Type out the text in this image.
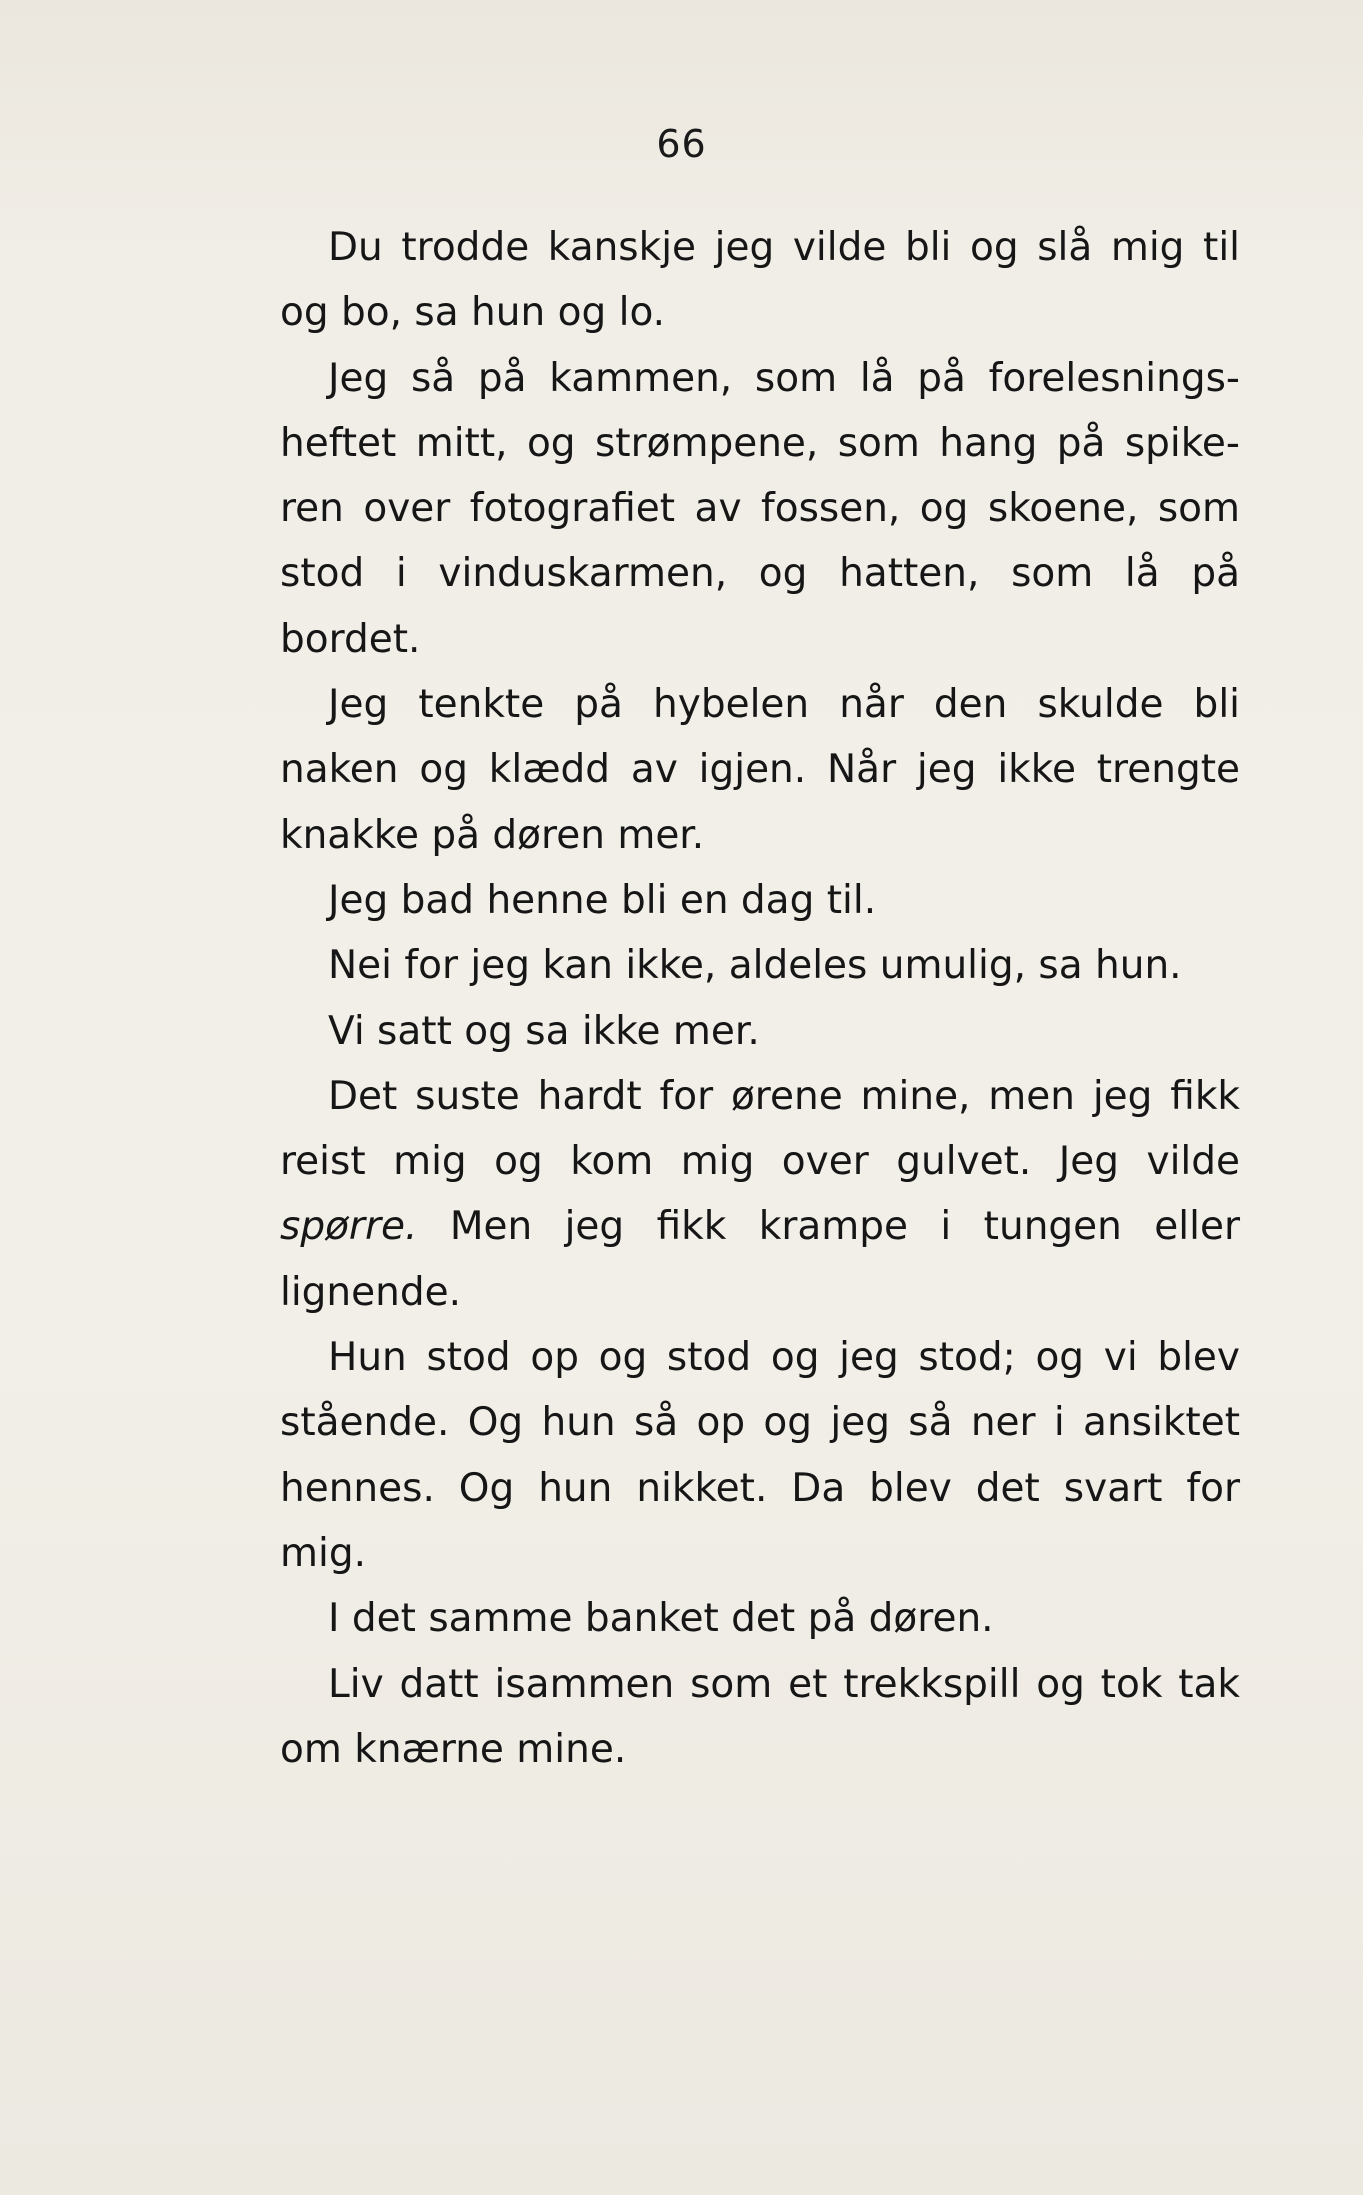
66

Du trodde kanskje jeg vilde bli og slå mig til og bo, sa hun og lo.

Jeg så på kammen, som lå på forelesningsheftet mitt, og strømpene, som hang på spikeren over fotografiet av fossen, og skoene, som stod i vinduskarmen, og hatten, som lå på bordet.

Jeg tenkte på hybelen når den skulde bli naken og klædd av igjen. Når jeg ikke trengte knakke på døren mer.

Jeg bad henne bli en dag til.

Nei for jeg kan ikke, aldeles umulig, sa hun.

Vi satt og sa ikke mer.

Det suste hardt for ørene mine, men jeg fikk reist mig og kom mig over gulvet. Jeg vilde spørre. Men jeg fikk krampe i tungen eller lignende.

Hun stod op og stod og jeg stod; og vi blev stående. Og hun så op og jeg så ner i ansiktet hennes. Og hun nikket. Da blev det svart for mig.

I det samme banket det på døren.

Liv datt isammen som et trekkspill og tok tak om knærne mine.
